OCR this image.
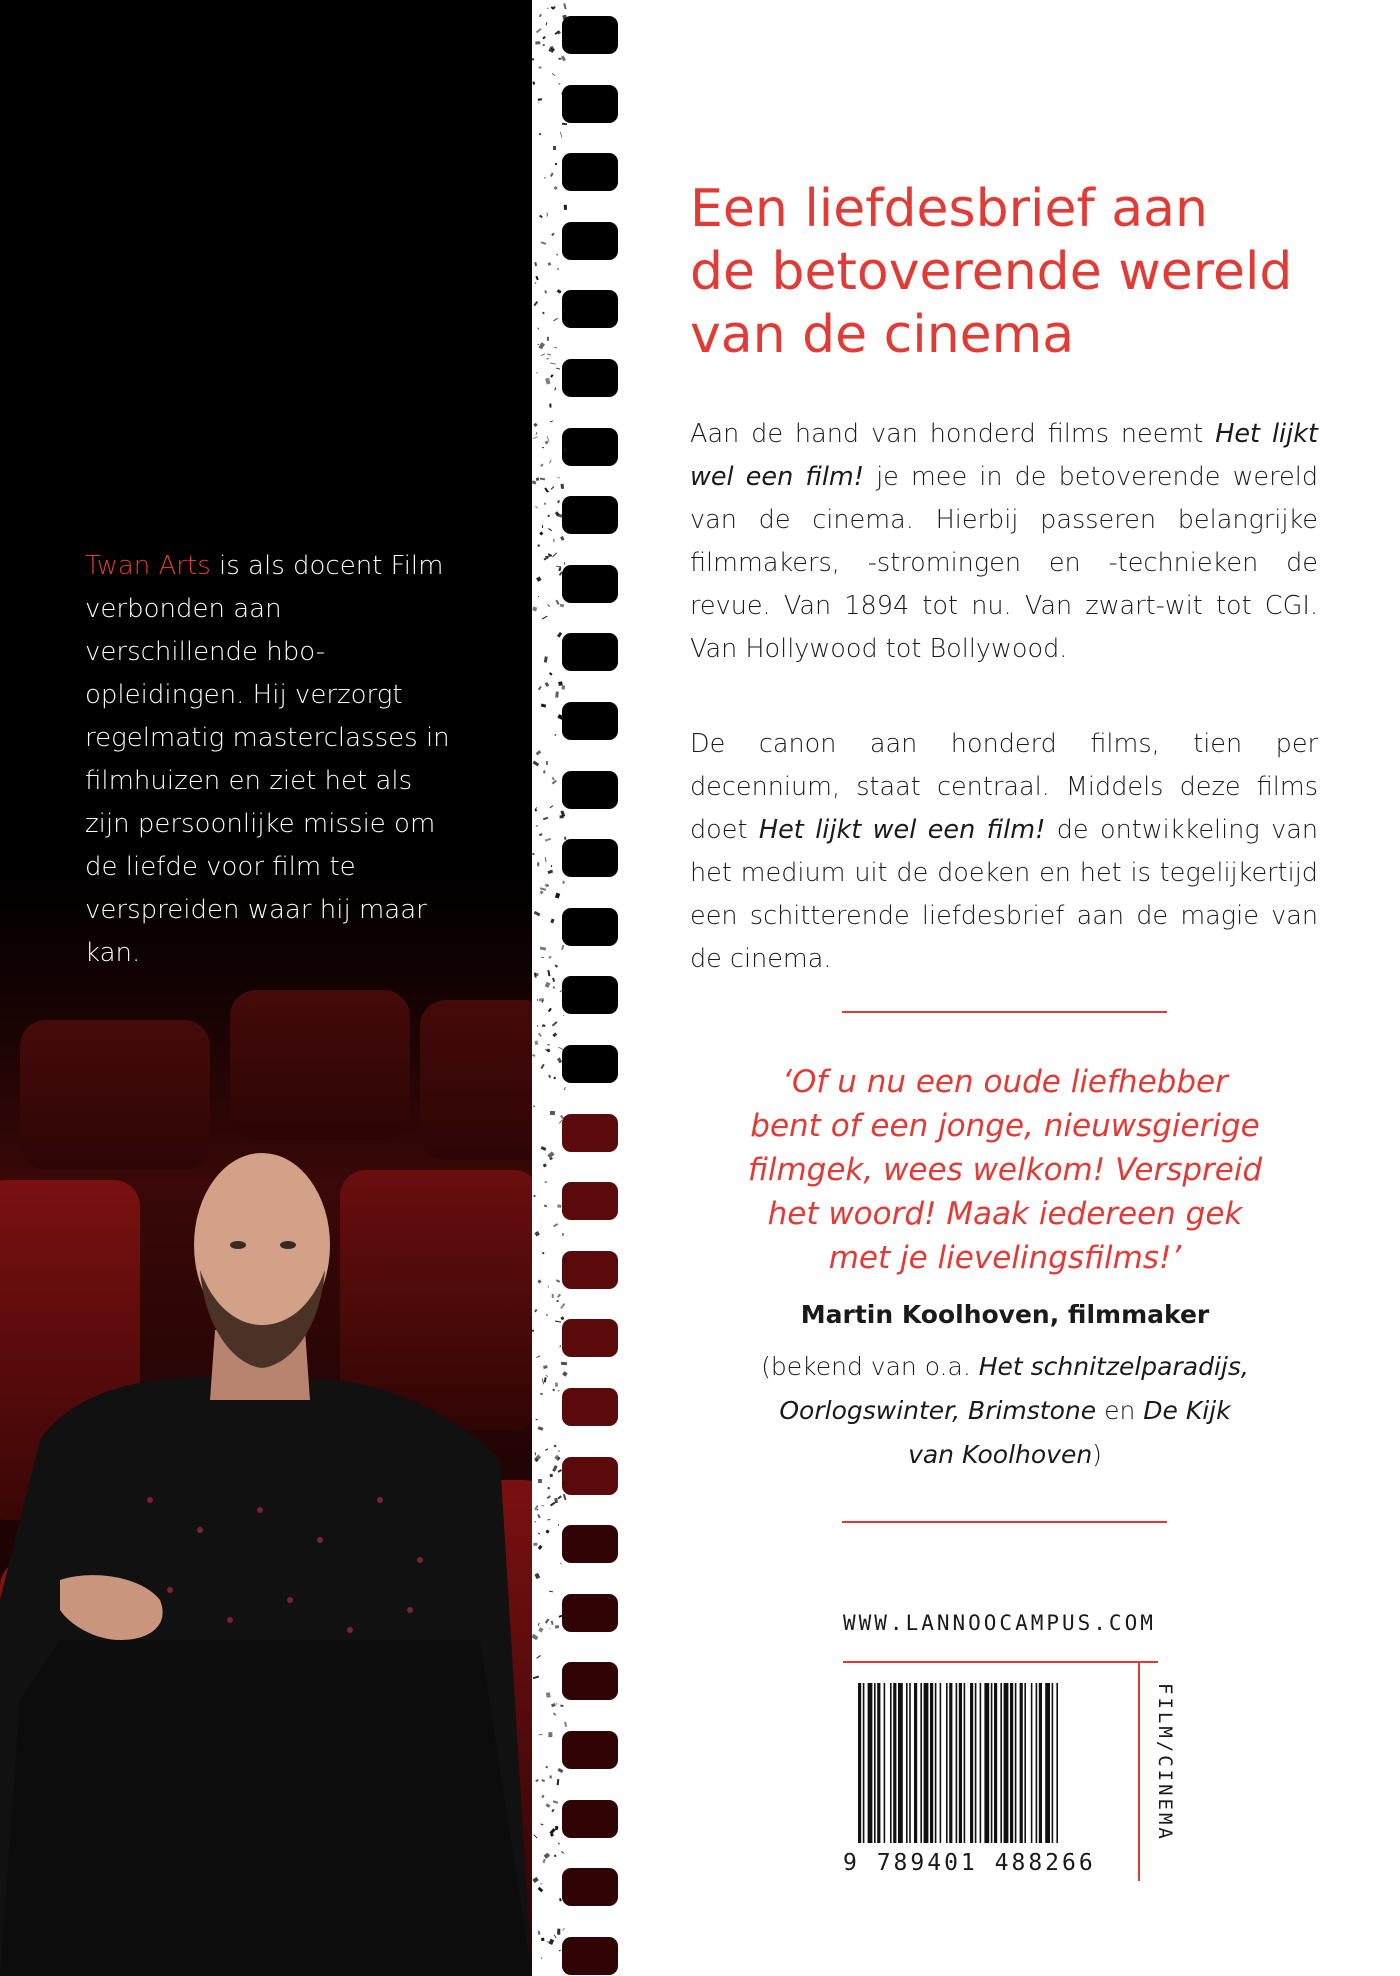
Twan Arts is als docent Film verbonden aan verschillende hbo-opleidingen. Hij verzorgt regelmatig masterclasses in filmhuizen en ziet het als zijn persoonlijke missie om de liefde voor film te verspreiden waar hij maar kan.
Een liefdesbrief aan
de betoverende wereld
van de cinema

Aan de hand van honderd films neemt Het lijkt wel een film! je mee in de betoverende wereld van de cinema. Hierbij passeren belangrijke filmmakers, -stromingen en -technieken de revue. Van 1894 tot nu. Van zwart-wit tot CGI. Van Hollywood tot Bollywood.

De canon aan honderd films, tien per decennium, staat centraal. Middels deze films doet Het lijkt wel een film! de ontwikkeling van het medium uit de doeken en het is tegelijkertijd een schitterende liefdesbrief aan de magie van de cinema.

‘Of u nu een oude liefhebber
bent of een jonge, nieuwsgierige
filmgek, wees welkom! Verspreid
het woord! Maak iedereen gek
met je lievelingsfilms!’

Martin Koolhoven, filmmaker
(bekend van o.a. Het schnitzelparadijs,
Oorlogswinter, Brimstone en De Kijk
van Koolhoven)
WWW.LANNOOCAMPUS.COM
FILM/CINEMA
9 789401 488266
